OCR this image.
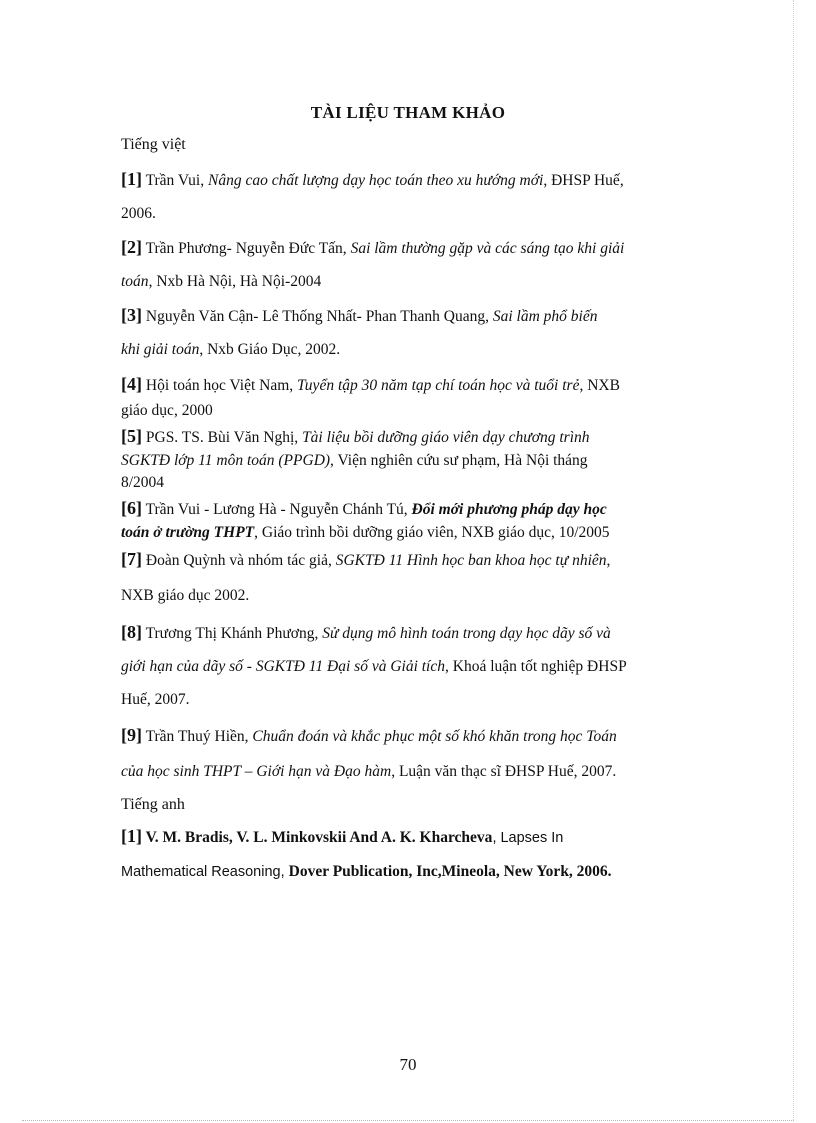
TÀI LIỆU THAM KHẢO
Tiếng việt
[1] Trần Vui, Nâng cao chất lượng dạy học toán theo xu hướng mới, ĐHSP Huế,
2006.
[2] Trần Phương- Nguyễn Đức Tấn, Sai lầm thường gặp và các sáng tạo khi giải
toán, Nxb Hà Nội, Hà Nội-2004
[3] Nguyễn Văn Cận- Lê Thống Nhất- Phan Thanh Quang, Sai lầm phổ biến
khi giải toán, Nxb Giáo Dục, 2002.
[4] Hội toán học Việt Nam, Tuyển tập 30 năm tạp chí toán học và tuổi trẻ, NXB
giáo dục, 2000
[5] PGS. TS. Bùi Văn Nghị, Tài liệu bồi dưỡng giáo viên dạy chương trình
SGKTĐ lớp 11 môn toán (PPGD), Viện nghiên cứu sư phạm, Hà Nội tháng
8/2004
[6] Trần Vui - Lương Hà - Nguyễn Chánh Tú, Đổi mới phương pháp dạy học
toán ở trường THPT, Giáo trình bồi dưỡng giáo viên, NXB giáo dục, 10/2005
[7] Đoàn Quỳnh và nhóm tác giả, SGKTĐ 11 Hình học ban khoa học tự nhiên,
NXB giáo dục 2002.
[8] Trương Thị Khánh Phương, Sử dụng mô hình toán trong dạy học dãy số và
giới hạn của dãy số - SGKTĐ 11 Đại số và Giải tích, Khoá luận tốt nghiệp ĐHSP
Huế, 2007.
[9] Trần Thuý Hiền, Chuẩn đoán và khắc phục một số khó khăn trong học Toán
của học sinh THPT – Giới hạn và Đạo hàm, Luận văn thạc sĩ ĐHSP Huế, 2007.
Tiếng anh
[1] V. M. Bradis, V. L. Minkovskii And A. K. Kharcheva, Lapses In
Mathematical Reasoning, Dover Publication, Inc,Mineola, New York, 2006.
70
